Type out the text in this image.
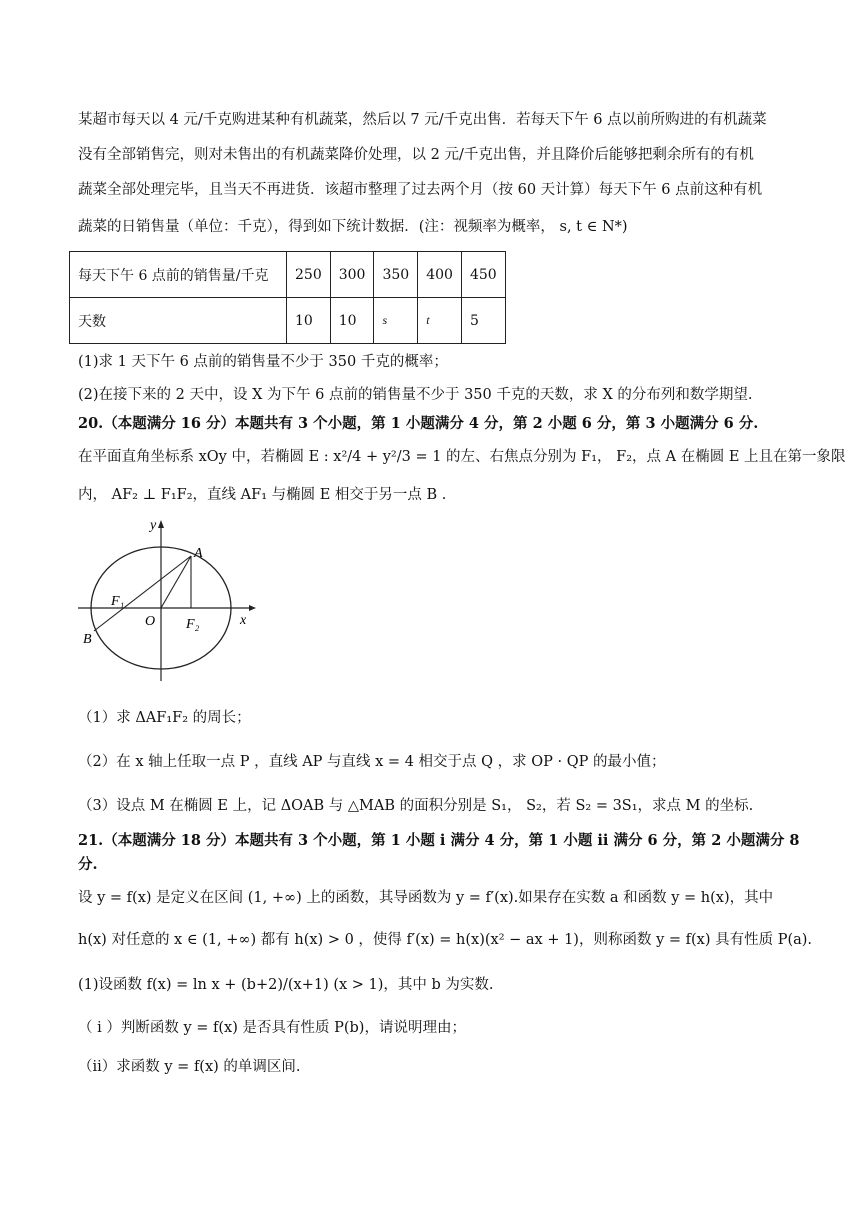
某超市每天以 4 元/千克购进某种有机蔬菜，然后以 7 元/千克出售．若每天下午 6 点以前所购进的有机蔬菜
没有全部销售完，则对未售出的有机蔬菜降价处理，以 2 元/千克出售，并且降价后能够把剩余所有的有机
蔬菜全部处理完毕，且当天不再进货．该超市整理了过去两个月（按 60 天计算）每天下午 6 点前这种有机
蔬菜的日销售量（单位：千克），得到如下统计数据．(注：视频率为概率， s, t ∈ N*)
每天下午 6 点前的销售量/千克	250	300	350	400	450
天数	10	10	s	t	5
(1)求 1 天下午 6 点前的销售量不少于 350 千克的概率；
(2)在接下来的 2 天中，设 X 为下午 6 点前的销售量不少于 350 千克的天数，求 X 的分布列和数学期望.
20.（本题满分 16 分）本题共有 3 个小题，第 1 小题满分 4 分，第 2 小题 6 分，第 3 小题满分 6 分.
在平面直角坐标系 xOy 中，若椭圆 E : x²/4 + y²/3 = 1 的左、右焦点分别为 F₁， F₂，点 A 在椭圆 E 上且在第一象限
内， AF₂ ⊥ F₁F₂，直线 AF₁ 与椭圆 E 相交于另一点 B .
y
x
A
B
O
F₁
F₂
（1）求 ΔAF₁F₂ 的周长；
（2）在 x 轴上任取一点 P ，直线 AP 与直线 x = 4 相交于点 Q ，求 OP · QP 的最小值；
（3）设点 M 在椭圆 E 上，记 ΔOAB 与 △MAB 的面积分别是 S₁， S₂，若 S₂ = 3S₁，求点 M 的坐标.
21.（本题满分 18 分）本题共有 3 个小题，第 1 小题 i 满分 4 分，第 1 小题 ii 满分 6 分，第 2 小题满分 8
分.
设 y = f(x) 是定义在区间 (1, +∞) 上的函数，其导函数为 y = f′(x).如果存在实数 a 和函数 y = h(x)，其中
h(x) 对任意的 x ∈ (1, +∞) 都有 h(x) > 0 ，使得 f′(x) = h(x)(x² − ax + 1)，则称函数 y = f(x) 具有性质 P(a).
(1)设函数 f(x) = ln x + (b+2)/(x+1) (x > 1)，其中 b 为实数.
（ i ）判断函数 y = f(x) 是否具有性质 P(b)，请说明理由；
（ii）求函数 y = f(x) 的单调区间.
